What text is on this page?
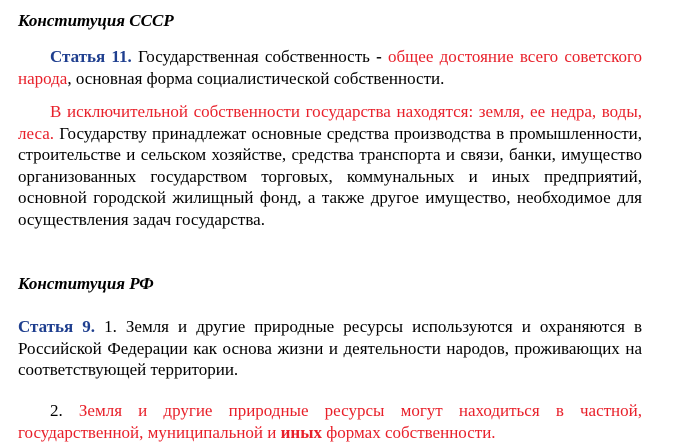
Конституция СССР

Статья 11. Государственная собственность - общее достояние всего советского народа, основная форма социалистической собственности.

В исключительной собственности государства находятся: земля, ее недра, воды, леса. Государству принадлежат основные средства производства в промышленности, строительстве и сельском хозяйстве, средства транспорта и связи, банки, имущество организованных государством торговых, коммунальных и иных предприятий, основной городской жилищный фонд, а также другое имущество, необходимое для осуществления задач государства.

Конституция РФ

Статья 9. 1. Земля и другие природные ресурсы используются и охраняются в Российской Федерации как основа жизни и деятельности народов, проживающих на соответствующей территории.

2. Земля и другие природные ресурсы могут находиться в частной, государственной, муниципальной и иных формах собственности.
